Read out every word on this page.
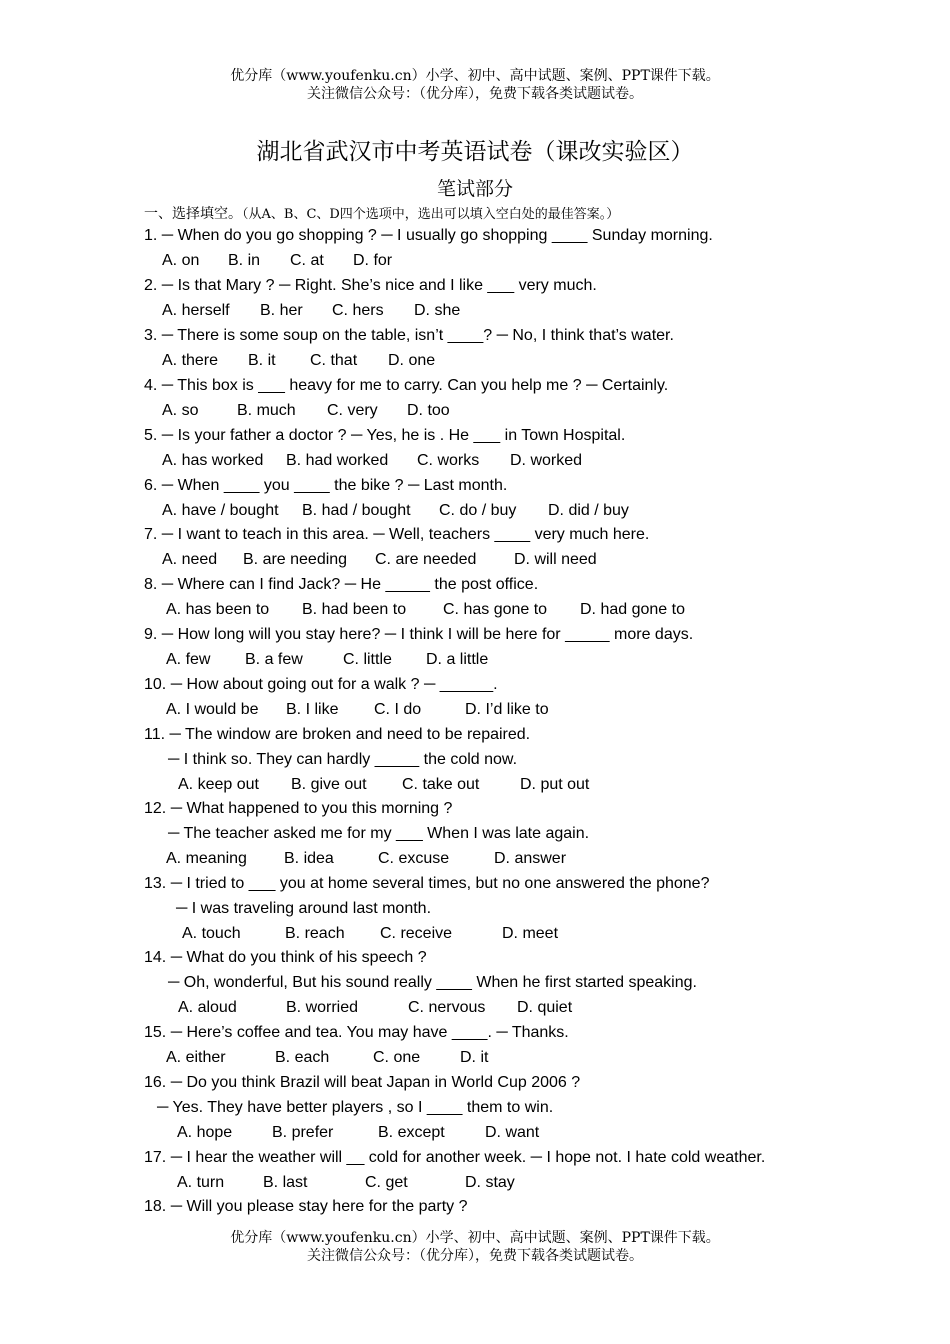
优分库（www.youfenku.cn）小学、初中、高中试题、案例、PPT课件下载。
关注微信公众号：（优分库），免费下载各类试题试卷。
湖北省武汉市中考英语试卷（课改实验区）
笔试部分
一、选择填空。（从A、B、C、D四个选项中，选出可以填入空白处的最佳答案。）
1. ─ When do you go shopping ? ─ I usually go shopping ____ Sunday morning.
A. on B. in C. at D. for
2. ─ Is that Mary ? ─ Right. She’s nice and I like ___ very much.
A. herself B. her C. hers D. she
3. ─ There is some soup on the table, isn’t ____? ─ No, I think that’s water.
A. there B. it C. that D. one
4. ─ This box is ___ heavy for me to carry. Can you help me ? ─ Certainly.
A. so B. much C. very D. too
5. ─ Is your father a doctor ? ─ Yes, he is . He ___ in Town Hospital.
A. has worked B. had worked C. works D. worked
6. ─ When ____ you ____ the bike ? ─ Last month.
A. have / bought B. had / bought C. do / buy D. did / buy
7. ─ I want to teach in this area. ─ Well, teachers ____ very much here.
A. need B. are needing C. are needed D. will need
8. ─ Where can I find Jack? ─ He _____ the post office.
A. has been to B. had been to C. has gone to D. had gone to
9. ─ How long will you stay here? ─ I think I will be here for _____ more days.
A. few B. a few	C. little D. a little
10. ─ How about going out for a walk ? ─ ______.
A. I would be B. I like C. I do	D. I’d like to
11. ─ The window are broken and need to be repaired.
─ I think so. They can hardly _____ the cold now.
A. keep out B. give out C. take out	D. put out
12. ─ What happened to you this morning ?
─ The teacher asked me for my ___ When I was late again.
A. meaning B. idea	C. excuse	D. answer
13. ─ I tried to ___ you at home several times, but no one answered the phone?
─ I was traveling around last month.
A. touch	B. reach C. receive	D. meet
14. ─ What do you think of his speech ?
─ Oh, wonderful, But his sound really ____ When he first started speaking.
A. aloud	B. worried	C. nervous D. quiet
15. ─ Here’s coffee and tea. You may have ____. ─ Thanks.
A. either	B. each	C. one D. it
16. ─ Do you think Brazil will beat Japan in World Cup 2006 ?
─ Yes. They have better players , so I ____ them to win.
A. hope B. prefer	B. except	D. want
17. ─ I hear the weather will __ cold for another week. ─ I hope not. I hate cold weather.
A. turn B. last	C. get	D. stay
18. ─ Will you please stay here for the party ?
优分库（www.youfenku.cn）小学、初中、高中试题、案例、PPT课件下载。
关注微信公众号：（优分库），免费下载各类试题试卷。
